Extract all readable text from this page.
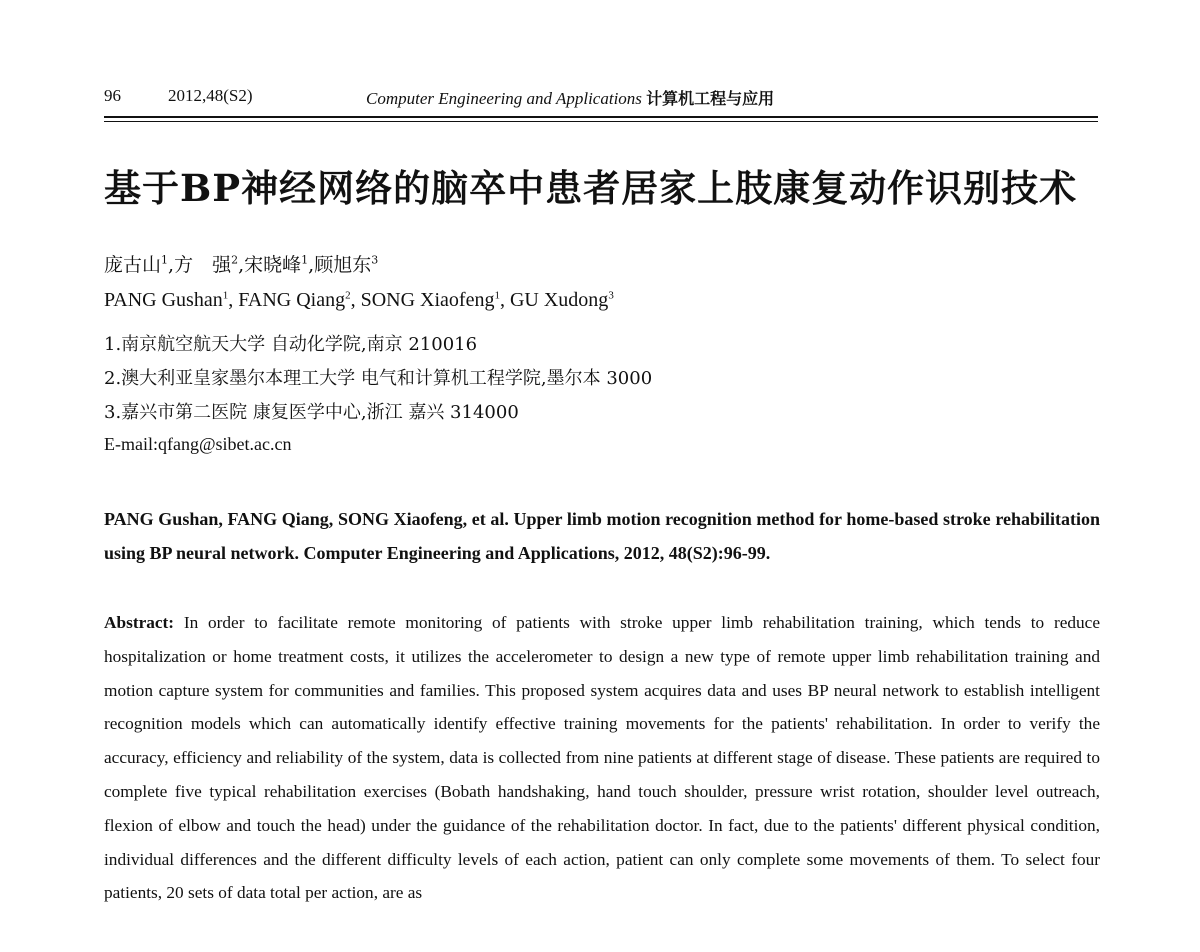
96	2012,48(S2)	Computer Engineering and Applications 计算机工程与应用
基于BP神经网络的脑卒中患者居家上肢康复动作识别技术
庞古山$^1$,方　强$^2$,宋晓峰$^1$,顾旭东$^3$
PANG Gushan$^1$, FANG Qiang$^2$, SONG Xiaofeng$^1$, GU Xudong$^3$
1.南京航空航天大学 自动化学院,南京 210016
2.澳大利亚皇家墨尔本理工大学 电气和计算机工程学院,墨尔本 3000
3.嘉兴市第二医院 康复医学中心,浙江 嘉兴 314000
E-mail:qfang@sibet.ac.cn
PANG Gushan, FANG Qiang, SONG Xiaofeng, et al. Upper limb motion recognition method for home-based stroke rehabilitation using BP neural network. Computer Engineering and Applications, 2012, 48(S2):96-99.
Abstract: In order to facilitate remote monitoring of patients with stroke upper limb rehabilitation training, which tends to reduce hospitalization or home treatment costs, it utilizes the accelerometer to design a new type of remote upper limb rehabilitation training and motion capture system for communities and families. This proposed system acquires data and uses BP neural network to establish intelligent recognition models which can automatically identify effective training movements for the patients' rehabilitation. In order to verify the accuracy, efficiency and reliability of the system, data is collected from nine patients at different stage of disease. These patients are required to complete five typical rehabilitation exercises (Bobath handshaking, hand touch shoulder, pressure wrist rotation, shoulder level outreach, flexion of elbow and touch the head) under the guidance of the rehabilitation doctor. In fact, due to the patients' different physical condition, individual differences and the different difficulty levels of each action, patient can only complete some movements of them. To select four patients, 20 sets of data total per action, are as
